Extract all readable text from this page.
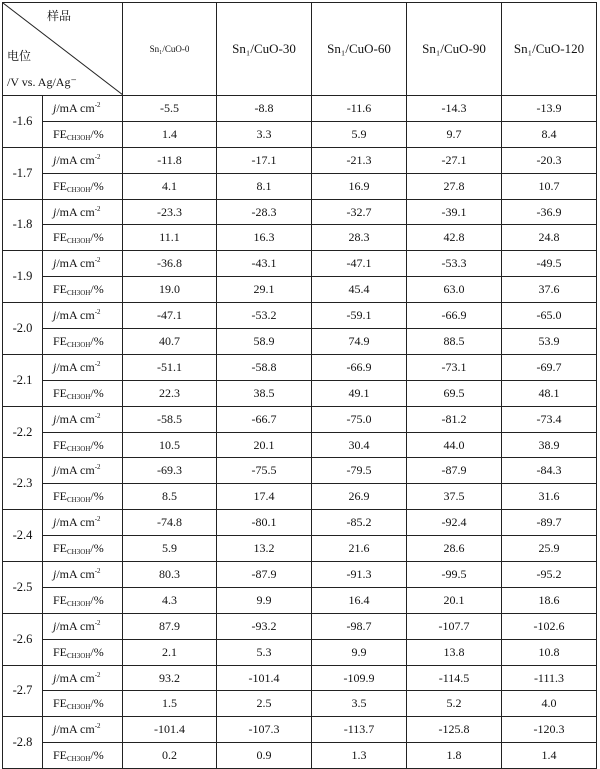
样品
电位
/V vs. Ag/Ag⁻		Sn₁/CuO-0	Sn₁/CuO-30	Sn₁/CuO-60	Sn₁/CuO-90	Sn₁/CuO-120
-1.6	j/mA $cm^{-2}$	-5.5	-8.8	-11.6	-14.3	-13.9
	$FE_{CH3OH}/\%$	1.4	3.3	5.9	9.7	8.4
-1.7	j/mA $cm^{-2}$	-11.8	-17.1	-21.3	-27.1	-20.3
	$FE_{CH3OH}/\%$	4.1	8.1	16.9	27.8	10.7
-1.8	j/mA $cm^{-2}$	-23.3	-28.3	-32.7	-39.1	-36.9
	$FE_{CH3OH}/\%$	11.1	16.3	28.3	42.8	24.8
-1.9	j/mA $cm^{-2}$	-36.8	-43.1	-47.1	-53.3	-49.5
	$FE_{CH3OH}/\%$	19.0	29.1	45.4	63.0	37.6
-2.0	j/mA $cm^{-2}$	-47.1	-53.2	-59.1	-66.9	-65.0
	$FE_{CH3OH}/\%$	40.7	58.9	74.9	88.5	53.9
-2.1	j/mA $cm^{-2}$	-51.1	-58.8	-66.9	-73.1	-69.7
	$FE_{CH3OH}/\%$	22.3	38.5	49.1	69.5	48.1
-2.2	j/mA $cm^{-2}$	-58.5	-66.7	-75.0	-81.2	-73.4
	$FE_{CH3OH}/\%$	10.5	20.1	30.4	44.0	38.9
-2.3	j/mA $cm^{-2}$	-69.3	-75.5	-79.5	-87.9	-84.3
	$FE_{CH3OH}/\%$	8.5	17.4	26.9	37.5	31.6
-2.4	j/mA $cm^{-2}$	-74.8	-80.1	-85.2	-92.4	-89.7
	$FE_{CH3OH}/\%$	5.9	13.2	21.6	28.6	25.9
-2.5	j/mA $cm^{-2}$	80.3	-87.9	-91.3	-99.5	-95.2
	$FE_{CH3OH}/\%$	4.3	9.9	16.4	20.1	18.6
-2.6	j/mA $cm^{-2}$	87.9	-93.2	-98.7	-107.7	-102.6
	$FE_{CH3OH}/\%$	2.1	5.3	9.9	13.8	10.8
-2.7	j/mA $cm^{-2}$	93.2	-101.4	-109.9	-114.5	-111.3
	$FE_{CH3OH}/\%$	1.5	2.5	3.5	5.2	4.0
-2.8	j/mA $cm^{-2}$	-101.4	-107.3	-113.7	-125.8	-120.3
	$FE_{CH3OH}/\%$	0.2	0.9	1.3	1.8	1.4
